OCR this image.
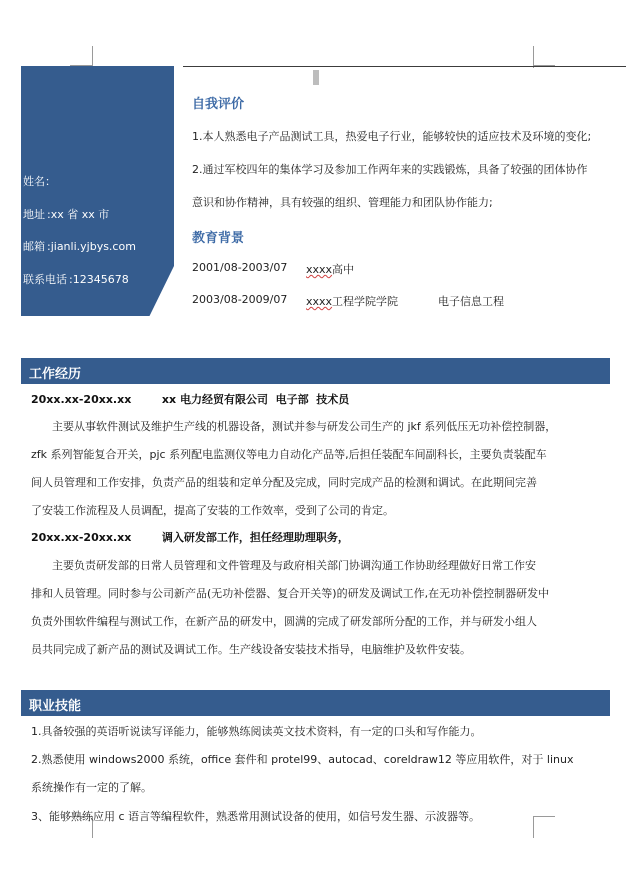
姓名：
地址 :xx 省 xx 市
邮箱 :jianli.yjbys.com
联系电话 :12345678
自我评价
1.本人熟悉电子产品测试工具，热爱电子行业，能够较快的适应技术及环境的变化;
2.通过军校四年的集体学习及参加工作两年来的实践锻炼，具备了较强的团体协作
意识和协作精神，具有较强的组织、管理能力和团队协作能力;
教育背景
2001/08-2003/07 xxxx高中
2003/08-2009/07 xxxx工程学院学院	电子信息工程
工作经历
20xx.xx-20xx.xx        xx 电力经贸有限公司  电子部  技术员
主要从事软件测试及维护生产线的机器设备，测试并参与研发公司生产的 jkf 系列低压无功补偿控制器，
zfk 系列智能复合开关，pjc 系列配电监测仪等电力自动化产品等,后担任装配车间副科长，主要负责装配车
间人员管理和工作安排，负责产品的组装和定单分配及完成，同时完成产品的检测和调试。在此期间完善
了安装工作流程及人员调配，提高了安装的工作效率，受到了公司的肯定。
20xx.xx-20xx.xx        调入研发部工作，担任经理助理职务，
主要负责研发部的日常人员管理和文件管理及与政府相关部门协调沟通工作协助经理做好日常工作安
排和人员管理。同时参与公司新产品(无功补偿器、复合开关等)的研发及调试工作,在无功补偿控制器研发中
负责外围软件编程与测试工作，在新产品的研发中，圆满的完成了研发部所分配的工作，并与研发小组人
员共同完成了新产品的测试及调试工作。生产线设备安装技术指导，电脑维护及软件安装。
职业技能
1.具备较强的英语听说读写译能力，能够熟练阅读英文技术资料，有一定的口头和写作能力。
2.熟悉使用 windows2000 系统，office 套件和 protel99、autocad、coreldraw12 等应用软件，对于 linux
系统操作有一定的了解。
3、能够熟练应用 c 语言等编程软件，熟悉常用测试设备的使用，如信号发生器、示波器等。
